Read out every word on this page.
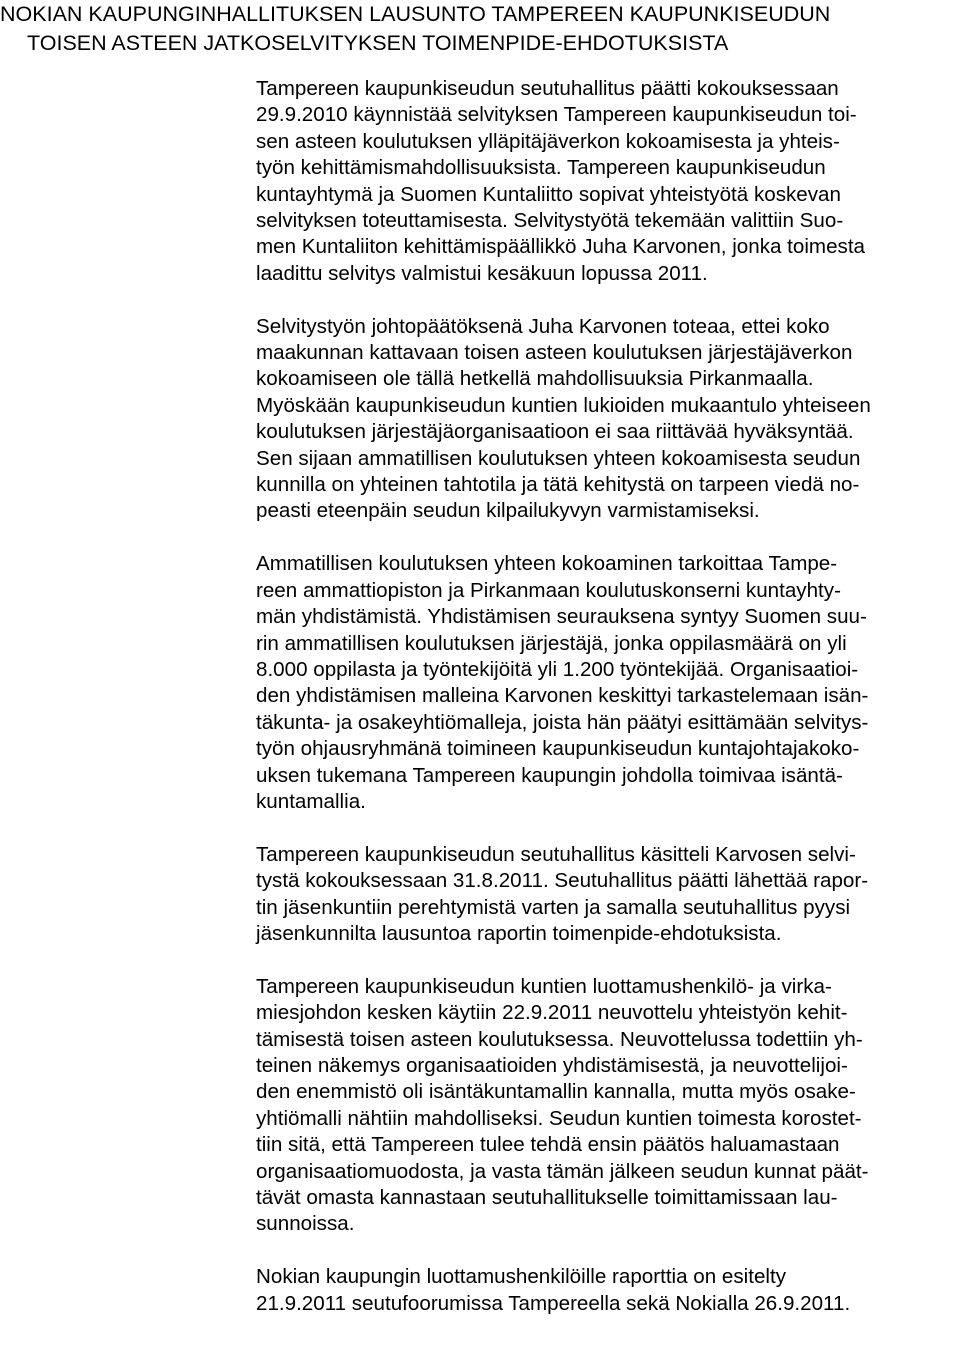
NOKIAN KAUPUNGINHALLITUKSEN LAUSUNTO TAMPEREEN KAUPUNKISEUDUN
TOISEN ASTEEN JATKOSELVITYKSEN TOIMENPIDE-EHDOTUKSISTA

Tampereen kaupunkiseudun seutuhallitus päätti kokouksessaan
29.9.2010 käynnistää selvityksen Tampereen kaupunkiseudun toi-
sen asteen koulutuksen ylläpitäjäverkon kokoamisesta ja yhteis-
työn kehittämismahdollisuuksista. Tampereen kaupunkiseudun
kuntayhtymä ja Suomen Kuntaliitto sopivat yhteistyötä koskevan
selvityksen toteuttamisesta. Selvitystyötä tekemään valittiin Suo-
men Kuntaliiton kehittämispäällikkö Juha Karvonen, jonka toimesta
laadittu selvitys valmistui kesäkuun lopussa 2011.

Selvitystyön johtopäätöksenä Juha Karvonen toteaa, ettei koko
maakunnan kattavaan toisen asteen koulutuksen järjestäjäverkon
kokoamiseen ole tällä hetkellä mahdollisuuksia Pirkanmaalla.
Myöskään kaupunkiseudun kuntien lukioiden mukaantulo yhteiseen
koulutuksen järjestäjäorganisaatioon ei saa riittävää hyväksyntää.
Sen sijaan ammatillisen koulutuksen yhteen kokoamisesta seudun
kunnilla on yhteinen tahtotila ja tätä kehitystä on tarpeen viedä no-
peasti eteenpäin seudun kilpailukyvyn varmistamiseksi.

Ammatillisen koulutuksen yhteen kokoaminen tarkoittaa Tampe-
reen ammattiopiston ja Pirkanmaan koulutuskonserni kuntayhty-
män yhdistämistä. Yhdistämisen seurauksena syntyy Suomen suu-
rin ammatillisen koulutuksen järjestäjä, jonka oppilasmäärä on yli
8.000 oppilasta ja työntekijöitä yli 1.200 työntekijää. Organisaatioi-
den yhdistämisen malleina Karvonen keskittyi tarkastelemaan isän-
täkunta- ja osakeyhtiömalleja, joista hän päätyi esittämään selvitys-
työn ohjausryhmänä toimineen kaupunkiseudun kuntajohtajakoko-
uksen tukemana Tampereen kaupungin johdolla toimivaa isäntä-
kuntamallia.

Tampereen kaupunkiseudun seutuhallitus käsitteli Karvosen selvi-
tystä kokouksessaan 31.8.2011. Seutuhallitus päätti lähettää rapor-
tin jäsenkuntiin perehtymistä varten ja samalla seutuhallitus pyysi
jäsenkunnilta lausuntoa raportin toimenpide-ehdotuksista.

Tampereen kaupunkiseudun kuntien luottamushenkilö- ja virka-
miesjohdon kesken käytiin 22.9.2011 neuvottelu yhteistyön kehit-
tämisestä toisen asteen koulutuksessa. Neuvottelussa todettiin yh-
teinen näkemys organisaatioiden yhdistämisestä, ja neuvottelijoi-
den enemmistö oli isäntäkuntamallin kannalla, mutta myös osake-
yhtiömalli nähtiin mahdolliseksi. Seudun kuntien toimesta korostet-
tiin sitä, että Tampereen tulee tehdä ensin päätös haluamastaan
organisaatiomuodosta, ja vasta tämän jälkeen seudun kunnat päät-
tävät omasta kannastaan seutuhallitukselle toimittamissaan lau-
sunnoissa.

Nokian kaupungin luottamushenkilöille raporttia on esitelty
21.9.2011 seutufoorumissa Tampereella sekä Nokialla 26.9.2011.
